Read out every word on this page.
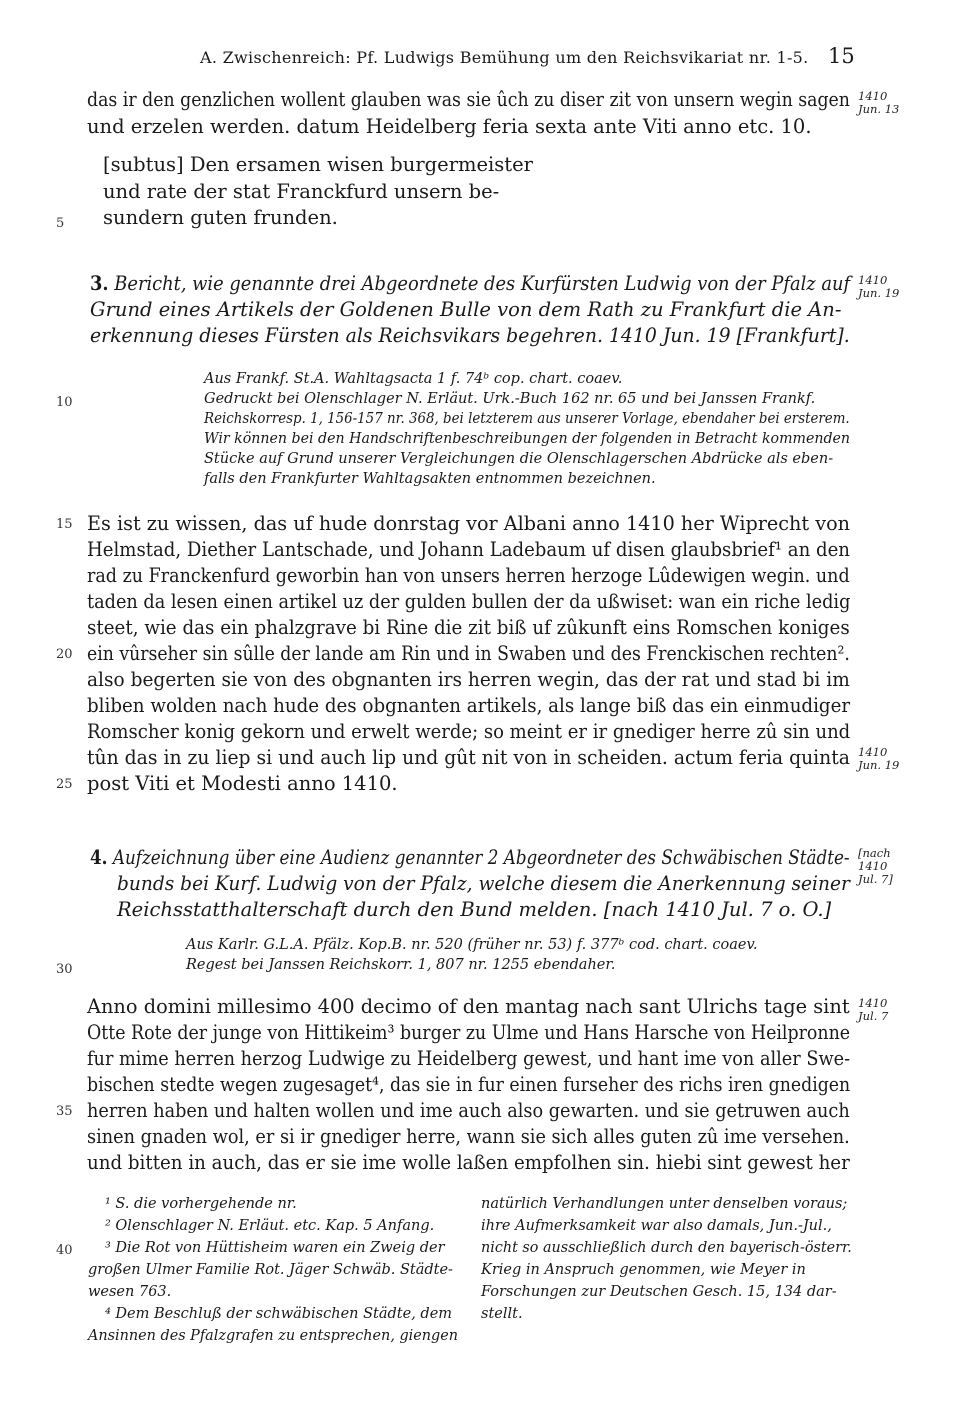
A. Zwischenreich: Pf. Ludwigs Bemühung um den Reichsvikariat nr. 1-5. 15
das ir den genzlichen wollent glauben was sie ûch zu diser zit von unsern wegin sagen
und erzelen werden. datum Heidelberg feria sexta ante Viti anno etc. 10.
[subtus] Den ersamen wisen burgermeister
und rate der stat Franckfurd unsern be-
sundern guten frunden.
1410
Jun. 13
3. Bericht, wie genannte drei Abgeordnete des Kurfürsten Ludwig von der Pfalz auf
Grund eines Artikels der Goldenen Bulle von dem Rath zu Frankfurt die An-
erkennung dieses Fürsten als Reichsvikars begehren. 1410 Jun. 19 [Frankfurt].
1410
Jun. 19
Aus Frankf. St.A. Wahltagsacta 1 f. 74ᵇ cop. chart. coaev.
Gedruckt bei Olenschlager N. Erläut. Urk.-Buch 162 nr. 65 und bei Janssen Frankf.
Reichskorresp. 1, 156-157 nr. 368, bei letzterem aus unserer Vorlage, ebendaher bei ersterem.
Wir können bei den Handschriftenbeschreibungen der folgenden in Betracht kommenden
Stücke auf Grund unserer Vergleichungen die Olenschlagerschen Abdrücke als eben-
falls den Frankfurter Wahltagsakten entnommen bezeichnen.
Es ist zu wissen, das uf hude donrstag vor Albani anno 1410 her Wiprecht von
Helmstad, Diether Lantschade, und Johann Ladebaum uf disen glaubsbrief¹ an den
rad zu Franckenfurd geworbin han von unsers herren herzoge Lûdewigen wegin. und
taden da lesen einen artikel uz der gulden bullen der da ußwiset: wan ein riche ledig
steet, wie das ein phalzgrave bi Rine die zit biß uf zûkunft eins Romschen koniges
ein vûrseher sin sûlle der lande am Rin und in Swaben und des Frenckischen rechten².
also begerten sie von des obgnanten irs herren wegin, das der rat und stad bi im
bliben wolden nach hude des obgnanten artikels, als lange biß das ein einmudiger
Romscher konig gekorn und erwelt werde; so meint er ir gnediger herre zû sin und
tûn das in zu liep si und auch lip und gût nit von in scheiden. actum feria quinta
post Viti et Modesti anno 1410.
1410
Jun. 19
4. Aufzeichnung über eine Audienz genannter 2 Abgeordneter des Schwäbischen Städte-
bunds bei Kurf. Ludwig von der Pfalz, welche diesem die Anerkennung seiner
Reichsstatthalterschaft durch den Bund melden. [nach 1410 Jul. 7 o. O.]
[nach
1410
Jul. 7]
Aus Karlr. G.L.A. Pfälz. Kop.B. nr. 520 (früher nr. 53) f. 377ᵇ cod. chart. coaev.
Regest bei Janssen Reichskorr. 1, 807 nr. 1255 ebendaher.
Anno domini millesimo 400 decimo of den mantag nach sant Ulrichs tage sint
Otte Rote der junge von Hittikeim³ burger zu Ulme und Hans Harsche von Heilpronne
fur mime herren herzog Ludwige zu Heidelberg gewest, und hant ime von aller Swe-
bischen stedte wegen zugesaget⁴, das sie in fur einen furseher des richs iren gnedigen
herren haben und halten wollen und ime auch also gewarten. und sie getruwen auch
sinen gnaden wol, er si ir gnediger herre, wann sie sich alles guten zû ime versehen.
und bitten in auch, das er sie ime wolle laßen empfolhen sin. hiebi sint gewest her
1410
Jul. 7
5
10
15
20
25
30
35
40
¹ S. die vorhergehende nr.
² Olenschlager N. Erläut. etc. Kap. 5 Anfang.
³ Die Rot von Hüttisheim waren ein Zweig der
großen Ulmer Familie Rot. Jäger Schwäb. Städte-
wesen 763.
⁴ Dem Beschluß der schwäbischen Städte, dem
Ansinnen des Pfalzgrafen zu entsprechen, giengen
natürlich Verhandlungen unter denselben voraus;
ihre Aufmerksamkeit war also damals, Jun.-Jul.,
nicht so ausschließlich durch den bayerisch-österr.
Krieg in Anspruch genommen, wie Meyer in
Forschungen zur Deutschen Gesch. 15, 134 dar-
stellt.
